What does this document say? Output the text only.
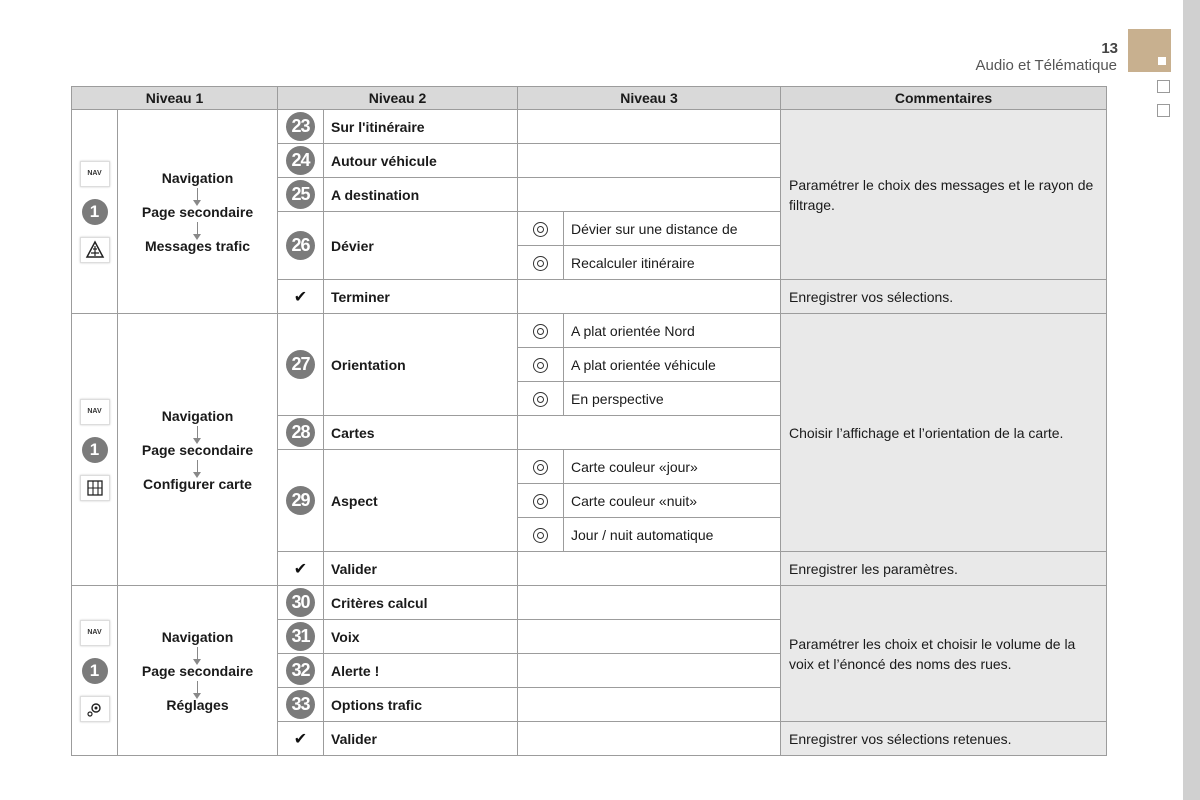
13
Audio et Télématique
Niveau 1		Niveau 2		Niveau 3		Commentaires

NAV
1	Navigation
Page secondaire
Messages trafic	23	Sur l'itinéraire			Paramétrer le choix des messages et le rayon de filtrage.
		24	Autour véhicule			
		25	A destination			
		26	Dévier		Dévier sur une distance de	
					Recalculer itinéraire	
		✔	Terminer			Enregistrer vos sélections.

NAV
1	Navigation
Page secondaire
Configurer carte	27	Orientation		A plat orientée Nord	Choisir l’affichage et l’orientation de la carte.
					A plat orientée véhicule	
					En perspective	
		28	Cartes			
		29	Aspect		Carte couleur «jour»	
					Carte couleur «nuit»	
					Jour / nuit automatique	
		✔	Valider			Enregistrer les paramètres.

NAV
1	Navigation
Page secondaire
Réglages	30	Critères calcul			Paramétrer les choix et choisir le volume de la voix et l’énoncé des noms des rues.
		31	Voix			
		32	Alerte !			
		33	Options trafic			
		✔	Valider			Enregistrer vos sélections retenues.
